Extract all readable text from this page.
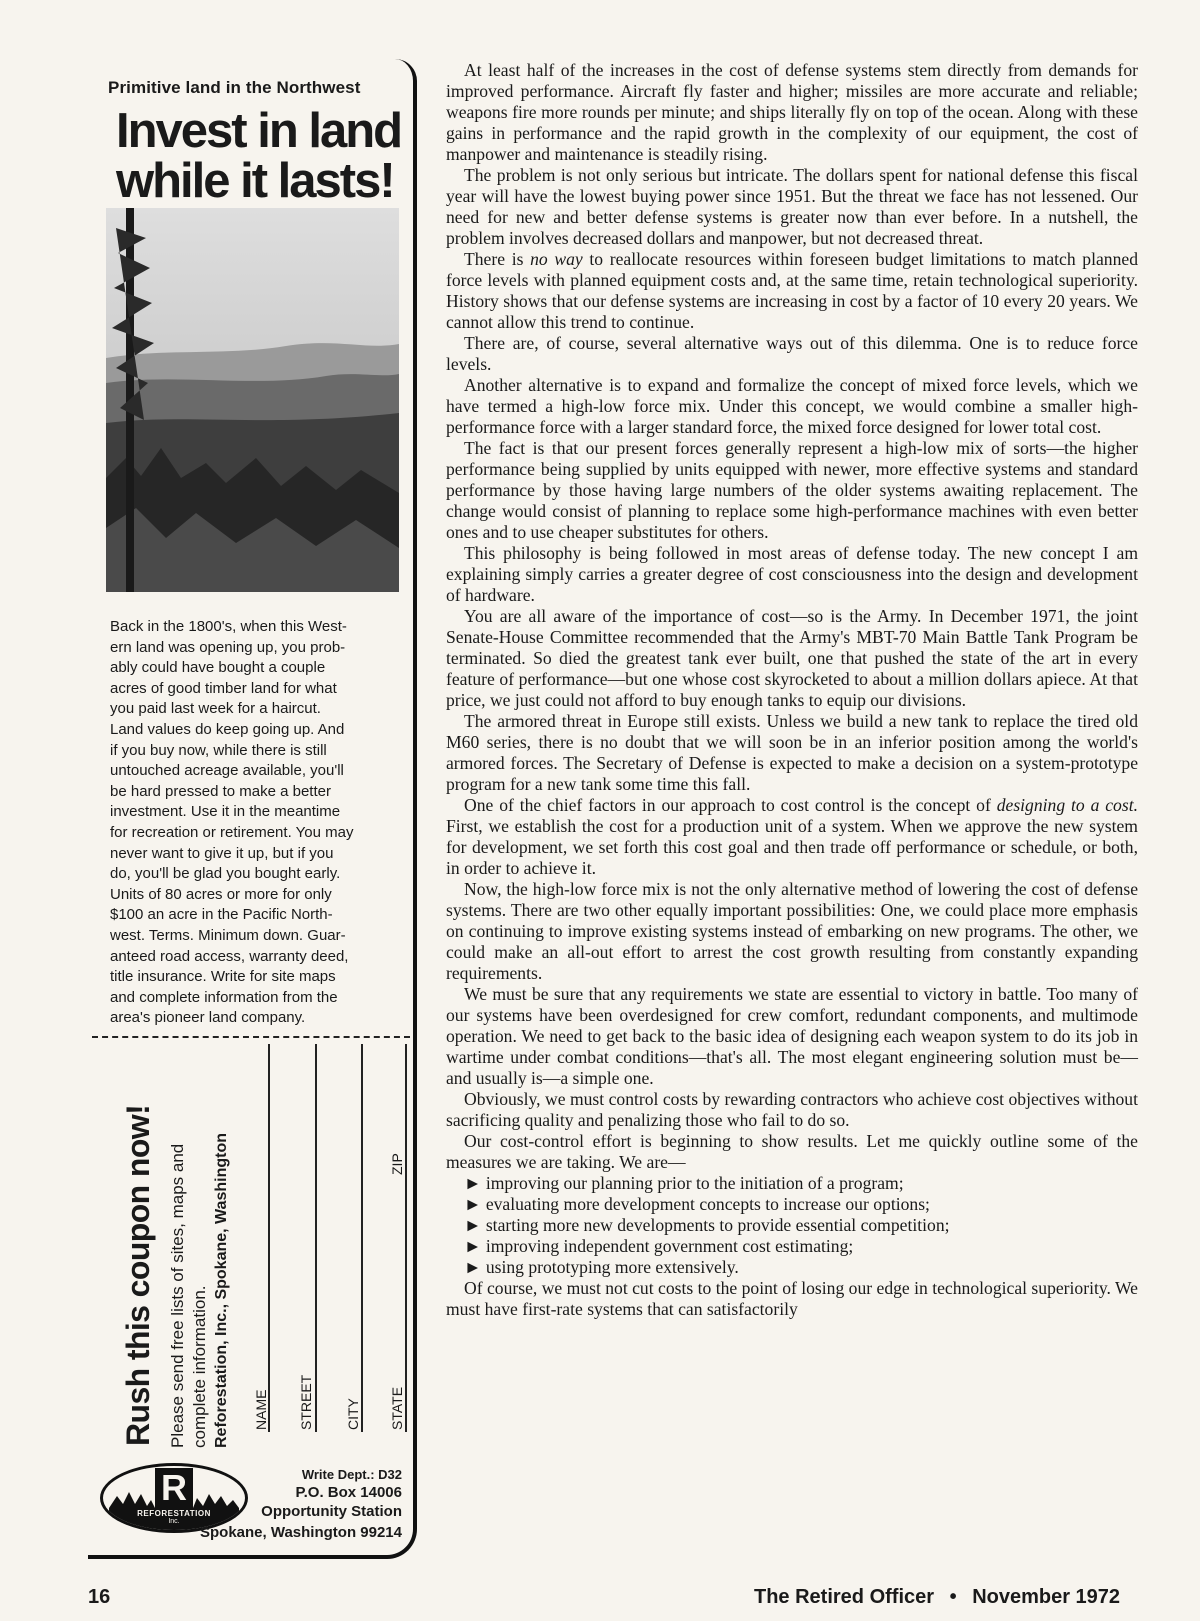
Primitive land in the Northwest
Invest in land
while it lasts!
Back in the 1800's, when this West-
ern land was opening up, you prob-
ably could have bought a couple
acres of good timber land for what
you paid last week for a haircut.
Land values do keep going up. And
if you buy now, while there is still
untouched acreage available, you'll
be hard pressed to make a better
investment. Use it in the meantime
for recreation or retirement. You may
never want to give it up, but if you
do, you'll be glad you bought early.
Units of 80 acres or more for only
$100 an acre in the Pacific North-
west. Terms. Minimum down. Guar-
anteed road access, warranty deed,
title insurance. Write for site maps
and complete information from the
area's pioneer land company.
Rush this coupon now! Please send free lists of sites, maps and complete information. Reforestation, Inc., Spokane, Washington NAME STREET CITY STATE
ZIP
R
REFORESTATION
Inc.
Write Dept.: D32
P.O. Box 14006
Opportunity Station
Spokane, Washington 99214

At least half of the increases in the cost of defense systems stem directly from demands for improved performance. Aircraft fly faster and higher; missiles are more accurate and reliable; weapons fire more rounds per minute; and ships literally fly on top of the ocean. Along with these gains in performance and the rapid growth in the complexity of our equipment, the cost of manpower and maintenance is steadily rising.

The problem is not only serious but intricate. The dollars spent for national defense this fiscal year will have the lowest buying power since 1951. But the threat we face has not lessened. Our need for new and better defense systems is greater now than ever before. In a nutshell, the problem involves decreased dollars and manpower, but not decreased threat.

There is no way to reallocate resources within foreseen budget limitations to match planned force levels with planned equipment costs and, at the same time, retain technological superiority. History shows that our defense systems are increasing in cost by a factor of 10 every 20 years. We cannot allow this trend to continue.

There are, of course, several alternative ways out of this dilemma. One is to reduce force levels.

Another alternative is to expand and formalize the concept of mixed force levels, which we have termed a high-low force mix. Under this concept, we would combine a smaller high-performance force with a larger standard force, the mixed force designed for lower total cost.

The fact is that our present forces generally represent a high-low mix of sorts—the higher performance being supplied by units equipped with newer, more effective systems and standard performance by those having large numbers of the older systems awaiting replacement. The change would consist of planning to replace some high-performance machines with even better ones and to use cheaper substitutes for others.

This philosophy is being followed in most areas of defense today. The new concept I am explaining simply carries a greater degree of cost consciousness into the design and development of hardware.

You are all aware of the importance of cost—so is the Army. In December 1971, the joint Senate-House Committee recommended that the Army's MBT-70 Main Battle Tank Program be terminated. So died the greatest tank ever built, one that pushed the state of the art in every feature of performance—but one whose cost skyrocketed to about a million dollars apiece. At that price, we just could not afford to buy enough tanks to equip our divisions.

The armored threat in Europe still exists. Unless we build a new tank to replace the tired old M60 series, there is no doubt that we will soon be in an inferior position among the world's armored forces. The Secretary of Defense is expected to make a decision on a system-prototype program for a new tank some time this fall.

One of the chief factors in our approach to cost control is the concept of designing to a cost. First, we establish the cost for a production unit of a system. When we approve the new system for development, we set forth this cost goal and then trade off performance or schedule, or both, in order to achieve it.

Now, the high-low force mix is not the only alternative method of lowering the cost of defense systems. There are two other equally important possibilities: One, we could place more emphasis on continuing to improve existing systems instead of embarking on new programs. The other, we could make an all-out effort to arrest the cost growth resulting from constantly expanding requirements.

We must be sure that any requirements we state are essential to victory in battle. Too many of our systems have been overdesigned for crew comfort, redundant components, and multimode operation. We need to get back to the basic idea of designing each weapon system to do its job in wartime under combat conditions—that's all. The most elegant engineering solution must be—and usually is—a simple one.

Obviously, we must control costs by rewarding contractors who achieve cost objectives without sacrificing quality and penalizing those who fail to do so.

Our cost-control effort is beginning to show results. Let me quickly outline some of the measures we are taking. We are—

► improving our planning prior to the initiation of a program;
► evaluating more development concepts to increase our options;
► starting more new developments to provide essential competition;
► improving independent government cost estimating;
► using prototyping more extensively.

Of course, we must not cut costs to the point of losing our edge in technological superiority. We must have first-rate systems that can satisfactorily

16	The Retired Officer • November 1972
